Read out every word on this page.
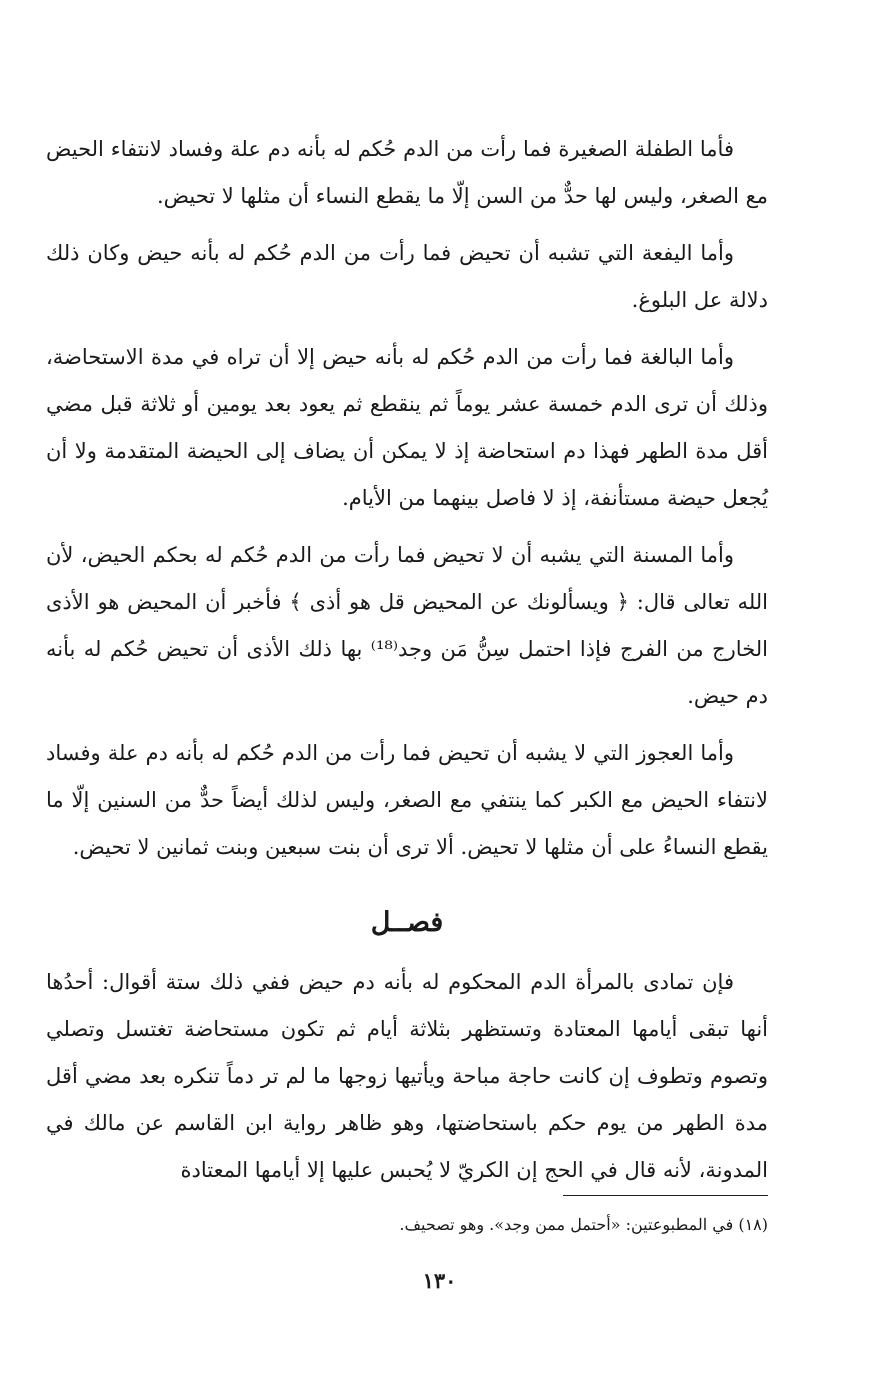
فأما الطفلة الصغيرة فما رأت من الدم حُكم له بأنه دم علة وفساد لانتفاء الحيض مع الصغر، وليس لها حدٌّ من السن إلّا ما يقطع النساء أن مثلها لا تحيض.

وأما اليفعة التي تشبه أن تحيض فما رأت من الدم حُكم له بأنه حيض وكان ذلك دلالة عل البلوغ.

وأما البالغة فما رأت من الدم حُكم له بأنه حيض إلا أن تراه في مدة الاستحاضة، وذلك أن ترى الدم خمسة عشر يوماً ثم ينقطع ثم يعود بعد يومين أو ثلاثة قبل مضي أقل مدة الطهر فهذا دم استحاضة إذ لا يمكن أن يضاف إلى الحيضة المتقدمة ولا أن يُجعل حيضة مستأنفة، إذ لا فاصل بينهما من الأيام.

وأما المسنة التي يشبه أن لا تحيض فما رأت من الدم حُكم له بحكم الحيض، لأن الله تعالى قال: ﴿ ويسألونك عن المحيض قل هو أذى ﴾ فأخبر أن المحيض هو الأذى الخارج من الفرج فإذا احتمل سِنُّ مَن وجد⁽¹⁸⁾ بها ذلك الأذى أن تحيض حُكم له بأنه دم حيض.

وأما العجوز التي لا يشبه أن تحيض فما رأت من الدم حُكم له بأنه دم علة وفساد لانتفاء الحيض مع الكبر كما ينتفي مع الصغر، وليس لذلك أيضاً حدٌّ من السنين إلّا ما يقطع النساءُ على أن مثلها لا تحيض. ألا ترى أن بنت سبعين وبنت ثمانين لا تحيض.

فصــل

فإن تمادى بالمرأة الدم المحكوم له بأنه دم حيض ففي ذلك ستة أقوال: أحدُها أنها تبقى أيامها المعتادة وتستظهر بثلاثة أيام ثم تكون مستحاضة تغتسل وتصلي وتصوم وتطوف إن كانت حاجة مباحة ويأتيها زوجها ما لم تر دماً تنكره بعد مضي أقل مدة الطهر من يوم حكم باستحاضتها، وهو ظاهر رواية ابن القاسم عن مالك في المدونة، لأنه قال في الحج إن الكريّ لا يُحبس عليها إلا أيامها المعتادة

(١٨) في المطبوعتين: «أحتمل ممن وجد». وهو تصحيف.
١٣٠
